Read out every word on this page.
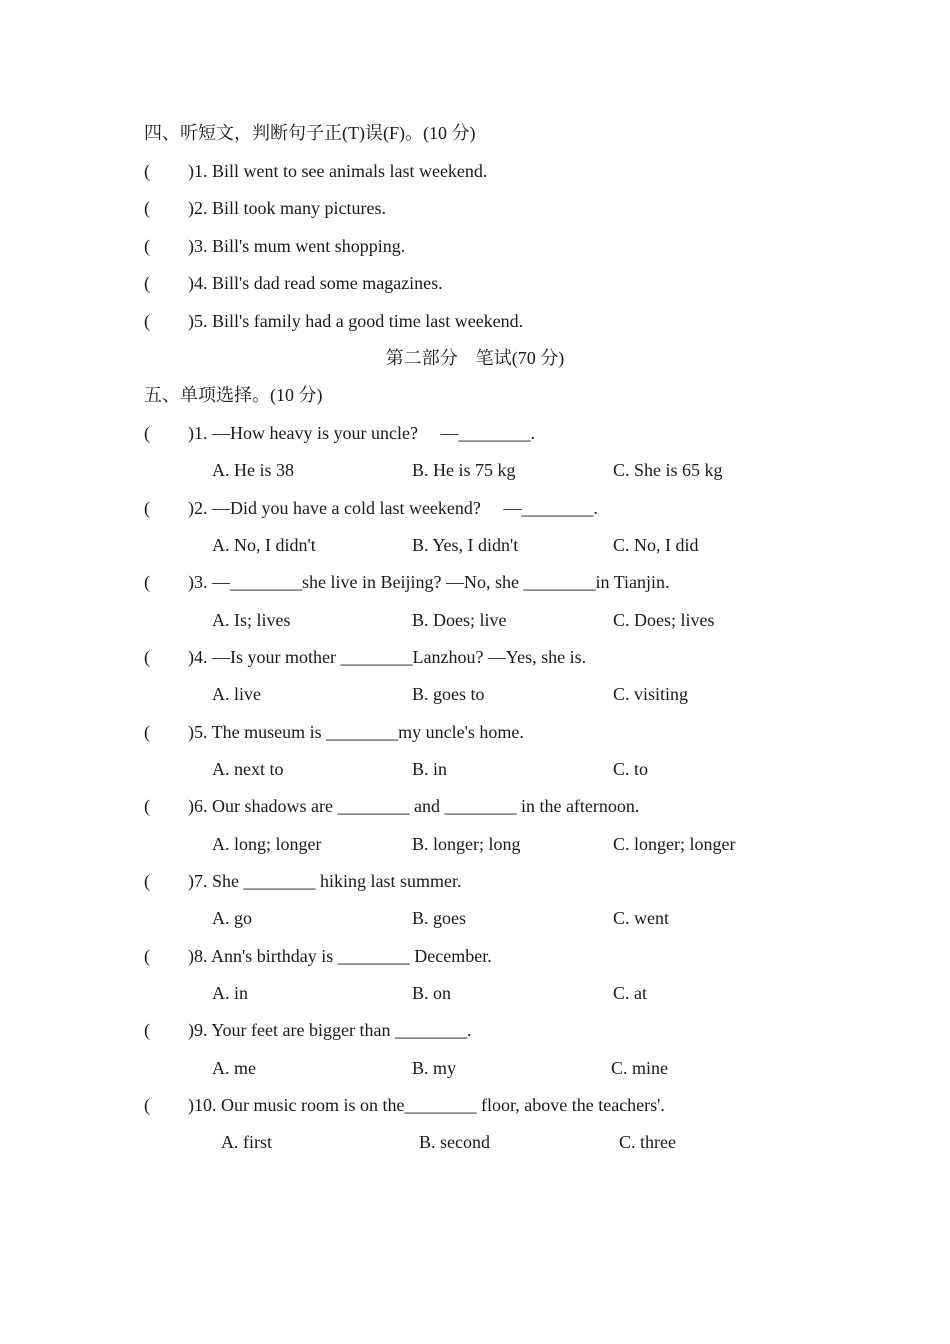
四、听短文，判断句子正(T)误(F)。(10 分)
( )1. Bill went to see animals last weekend.
( )2. Bill took many pictures.
( )3. Bill's mum went shopping.
( )4. Bill's dad read some magazines.
( )5. Bill's family had a good time last weekend.
第二部分　笔试(70 分)
五、单项选择。(10 分)
( )1. —How heavy is your uncle?　 —________.
A. He is 38	B. He is 75 kg	C. She is 65 kg
( )2. —Did you have a cold last weekend?　 —________.
A. No, I didn't	B. Yes, I didn't	C. No, I did
( )3. —________she live in Beijing? —No, she ________in Tianjin.
A. Is; lives	B. Does; live	C. Does; lives
( )4. —Is your mother ________Lanzhou? —Yes, she is.
A. live	B. goes to	C. visiting
( )5. The museum is ________my uncle's home.
A. next to	B. in	C. to
( )6. Our shadows are ________ and ________ in the afternoon.
A. long; longer	B. longer; long	C. longer; longer
( )7. She ________ hiking last summer.
A. go	B. goes	C. went
( )8. Ann's birthday is ________ December.
A. in	B. on	C. at
( )9. Your feet are bigger than ________.
A. me	B. my	C. mine
( )10. Our music room is on the________ floor, above the teachers'.
A. first	B. second	C. three
